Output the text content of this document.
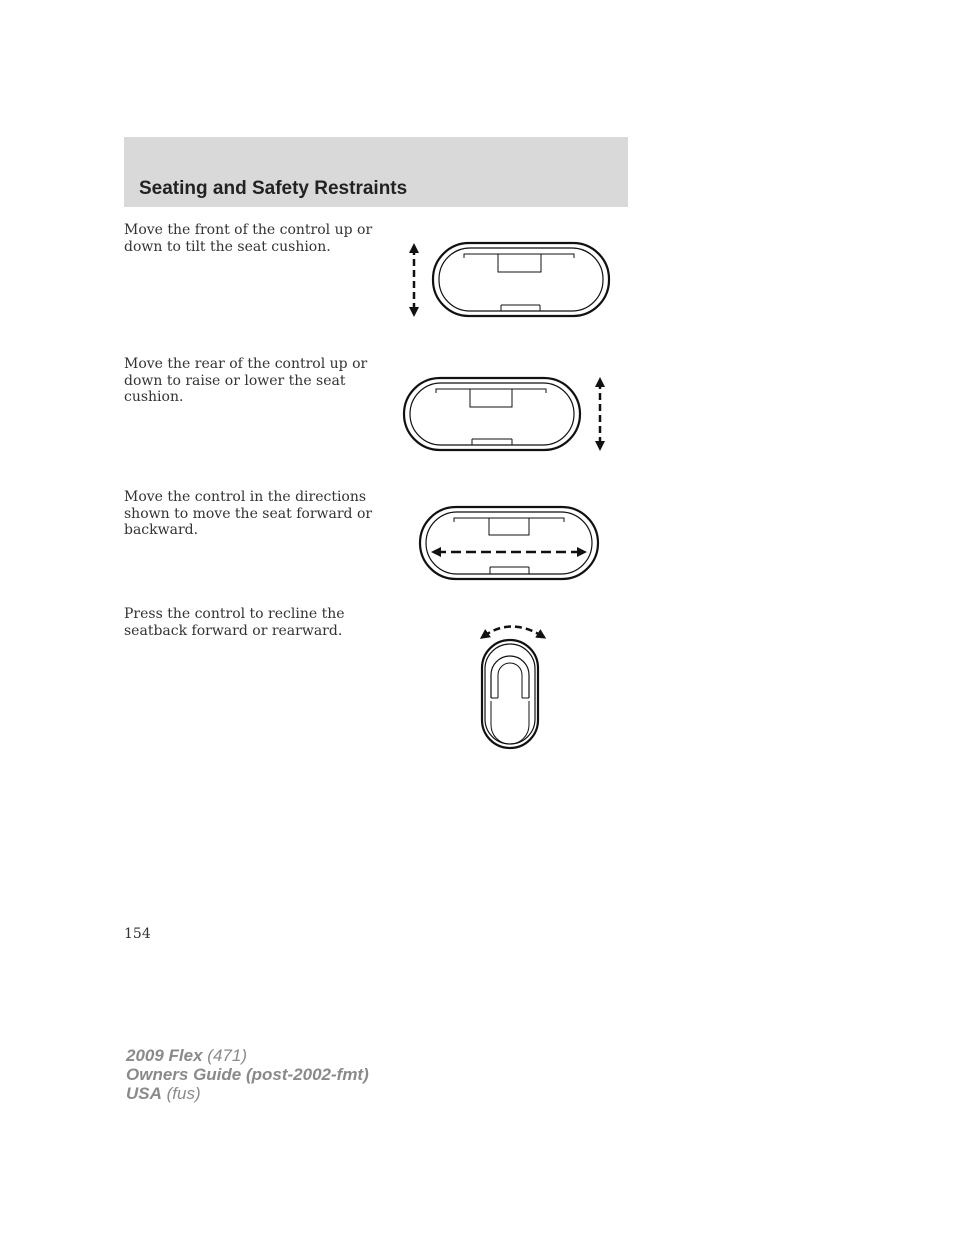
Seating and Safety Restraints

Move the front of the control up or
down to tilt the seat cushion.

Move the rear of the control up or
down to raise or lower the seat
cushion.

Move the control in the directions
shown to move the seat forward or
backward.

Press the control to recline the
seatback forward or rearward.

154
2009 Flex (471)
Owners Guide (post-2002-fmt)
USA (fus)
